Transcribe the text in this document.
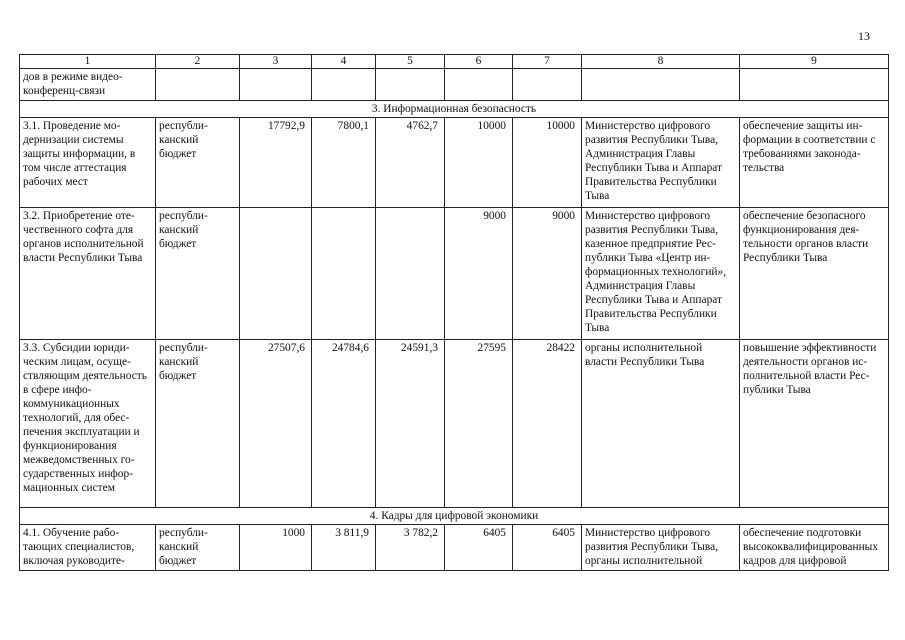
13
1	2	3	4	5	6	7	8	9
дов в режиме видеоконференц-связи								
3. Информационная безопасность								
3.1. Проведение модернизации системы защиты информации, в том числе аттестация рабочих мест	республиканский бюджет	17792,9	7800,1	4762,7	10000	10000	Министерство цифрового развития Республики Тыва, Администрация Главы Республики Тыва и Аппарат Правительства Республики Тыва	обеспечение защиты информации в соответствии с требованиями законодательства
3.2. Приобретение отечественного софта для органов исполнительной власти Республики Тыва	республиканский бюджет				9000	9000	Министерство цифрового развития Республики Тыва, казенное предприятие Республики Тыва «Центр информационных технологий», Администрация Главы Республики Тыва и Аппарат Правительства Республики Тыва	обеспечение безопасного функционирования деятельности органов власти Республики Тыва
3.3. Субсидии юридическим лицам, осуществляющим деятельность в сфере инфокоммуникационных технологий, для обеспечения эксплуатации и функционирования межведомственных государственных информационных систем	республиканский бюджет	27507,6	24784,6	24591,3	27595	28422	органы исполнительной власти Республики Тыва	повышение эффективности деятельности органов исполнительной власти Республики Тыва
4. Кадры для цифровой экономики								

4.1. Обучение работающих специалистов, включая руководите-	республиканский бюджет	1000	3 811,9	3 782,2	6405	6405	Министерство цифрового развития Республики Тыва, органы исполнительной	обеспечение подготовки высококвалифицированных кадров для цифровой
